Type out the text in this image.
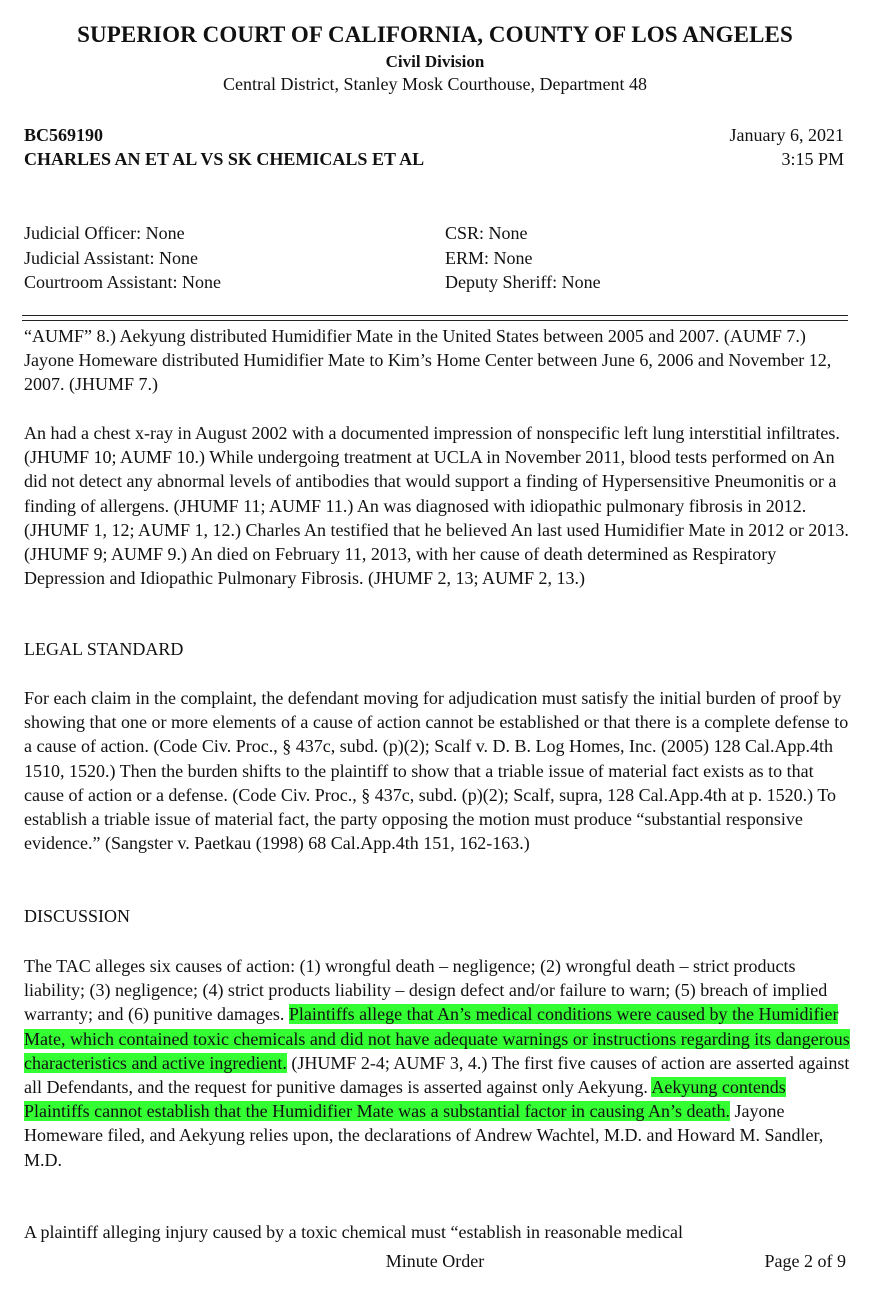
SUPERIOR COURT OF CALIFORNIA, COUNTY OF LOS ANGELES
Civil Division
Central District, Stanley Mosk Courthouse, Department 48
BC569190
CHARLES AN ET AL VS SK CHEMICALS ET AL
January 6, 2021
3:15 PM
Judicial Officer: None
Judicial Assistant: None
Courtroom Assistant: None
CSR: None
ERM: None
Deputy Sheriff: None

“AUMF” 8.) Aekyung distributed Humidifier Mate in the United States between 2005 and 2007. (AUMF 7.) Jayone Homeware distributed Humidifier Mate to Kim’s Home Center between June 6, 2006 and November 12, 2007. (JHUMF 7.)

An had a chest x-ray in August 2002 with a documented impression of nonspecific left lung interstitial infiltrates. (JHUMF 10; AUMF 10.) While undergoing treatment at UCLA in November 2011, blood tests performed on An did not detect any abnormal levels of antibodies that would support a finding of Hypersensitive Pneumonitis or a finding of allergens. (JHUMF 11; AUMF 11.) An was diagnosed with idiopathic pulmonary fibrosis in 2012. (JHUMF 1, 12; AUMF 1, 12.) Charles An testified that he believed An last used Humidifier Mate in 2012 or 2013. (JHUMF 9; AUMF 9.) An died on February 11, 2013, with her cause of death determined as Respiratory Depression and Idiopathic Pulmonary Fibrosis. (JHUMF 2, 13; AUMF 2, 13.)

LEGAL STANDARD

For each claim in the complaint, the defendant moving for adjudication must satisfy the initial burden of proof by showing that one or more elements of a cause of action cannot be established or that there is a complete defense to a cause of action. (Code Civ. Proc., § 437c, subd. (p)(2); Scalf v. D. B. Log Homes, Inc. (2005) 128 Cal.App.4th 1510, 1520.) Then the burden shifts to the plaintiff to show that a triable issue of material fact exists as to that cause of action or a defense. (Code Civ. Proc., § 437c, subd. (p)(2); Scalf, supra, 128 Cal.App.4th at p. 1520.) To establish a triable issue of material fact, the party opposing the motion must produce “substantial responsive evidence.” (Sangster v. Paetkau (1998) 68 Cal.App.4th 151, 162-163.)

DISCUSSION

The TAC alleges six causes of action: (1) wrongful death – negligence; (2) wrongful death – strict products liability; (3) negligence; (4) strict products liability – design defect and/or failure to warn; (5) breach of implied warranty; and (6) punitive damages. Plaintiffs allege that An’s medical conditions were caused by the Humidifier Mate, which contained toxic chemicals and did not have adequate warnings or instructions regarding its dangerous characteristics and active ingredient. (JHUMF 2-4; AUMF 3, 4.) The first five causes of action are asserted against all Defendants, and the request for punitive damages is asserted against only Aekyung. Aekyung contends Plaintiffs cannot establish that the Humidifier Mate was a substantial factor in causing An’s death. Jayone Homeware filed, and Aekyung relies upon, the declarations of Andrew Wachtel, M.D. and Howard M. Sandler, M.D.

A plaintiff alleging injury caused by a toxic chemical must “establish in reasonable medical

Minute Order	Page 2 of 9
